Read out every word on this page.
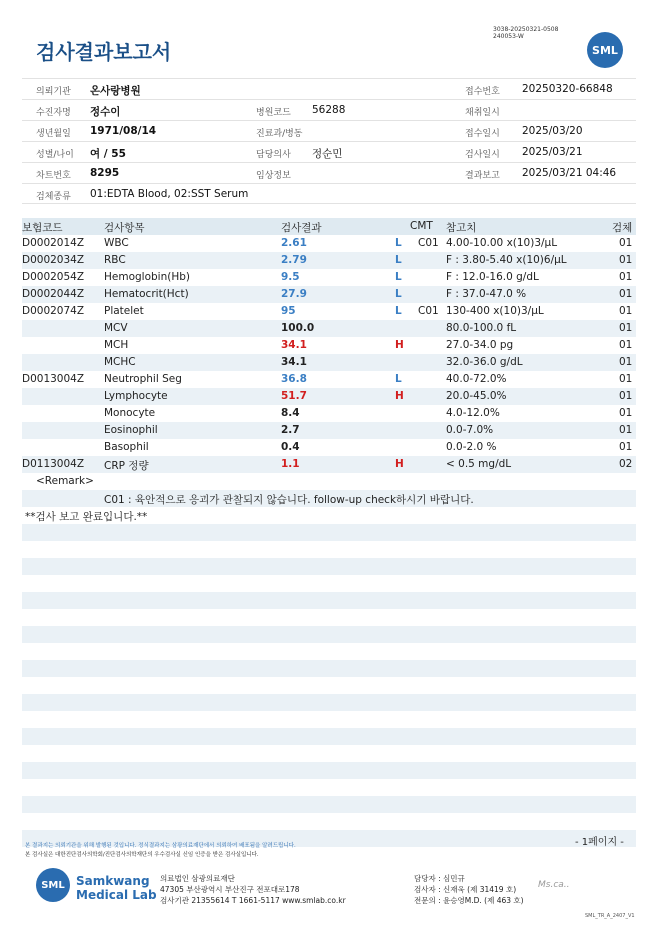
3038-20250321-0508
240053-W
검사결과보고서	SML
의뢰기관 온사랑병원	접수번호 20250320-66848
수진자명 정수이	병원코드 56288	채취일시
생년월일 1971/08/14	진료과/병동	접수일시 2025/03/20
성별/나이 여 / 55	담당의사 정순민	검사일시 2025/03/21
차트번호 8295	임상정보	결과보고 2025/03/21 04:46
검체종류 01:EDTA Blood, 02:SST Serum
보험코드	검사항목	검사결과	CMT 참고치	검체
D0002014Z WBC	2.61	L C01 4.00-10.00 x(10)3/μL	01
D0002034Z RBC	2.79	L	F : 3.80-5.40 x(10)6/μL	01
D0002054Z Hemoglobin(Hb)	9.5	L	F : 12.0-16.0 g/dL	01
D0002044Z Hematocrit(Hct)	27.9	L	F : 37.0-47.0 %	01
D0002074Z Platelet	95	L C01 130-400 x(10)3/μL	01
MCV	100.0	80.0-100.0 fL	01
MCH	34.1	H	27.0-34.0 pg	01
MCHC	34.1	32.0-36.0 g/dL	01
D0013004Z Neutrophil Seg	36.8	L	40.0-72.0%	01
Lymphocyte	51.7	H	20.0-45.0%	01
Monocyte	8.4	4.0-12.0%	01
Eosinophil	2.7	0.0-7.0%	01
Basophil	0.4	0.0-2.0 %	01
D0113004Z CRP 정량	1.1	H	< 0.5 mg/dL	02
<Remark>
C01 : 육안적으로 응괴가 관찰되지 않습니다. follow-up check하시기 바랍니다.
**검사 보고 완료입니다.**
- 1페이지 -
본 결과지는 의뢰기관을 위해 발행된 것입니다. 정식결과지는 삼광의료재단에서 의뢰하여 배포됨을 알려드립니다.
본 검사실은 대한진단검사의학회/진단검사의학재단의 우수검사실 신임 인증을 받은 검사실입니다.
SML Samkwang
Medical Lab
의료법인 삼광의료재단
47305 부산광역시 부산진구 전포대로178
검사기관 21355614 T 1661-5117 www.smlab.co.kr
담당자 : 심민규
검사자 : 신재욱 (제 31419 호)
전문의 : 윤승영M.D. (제 463 호)
Ms.ca..
SML_TR_A_2407_V1
